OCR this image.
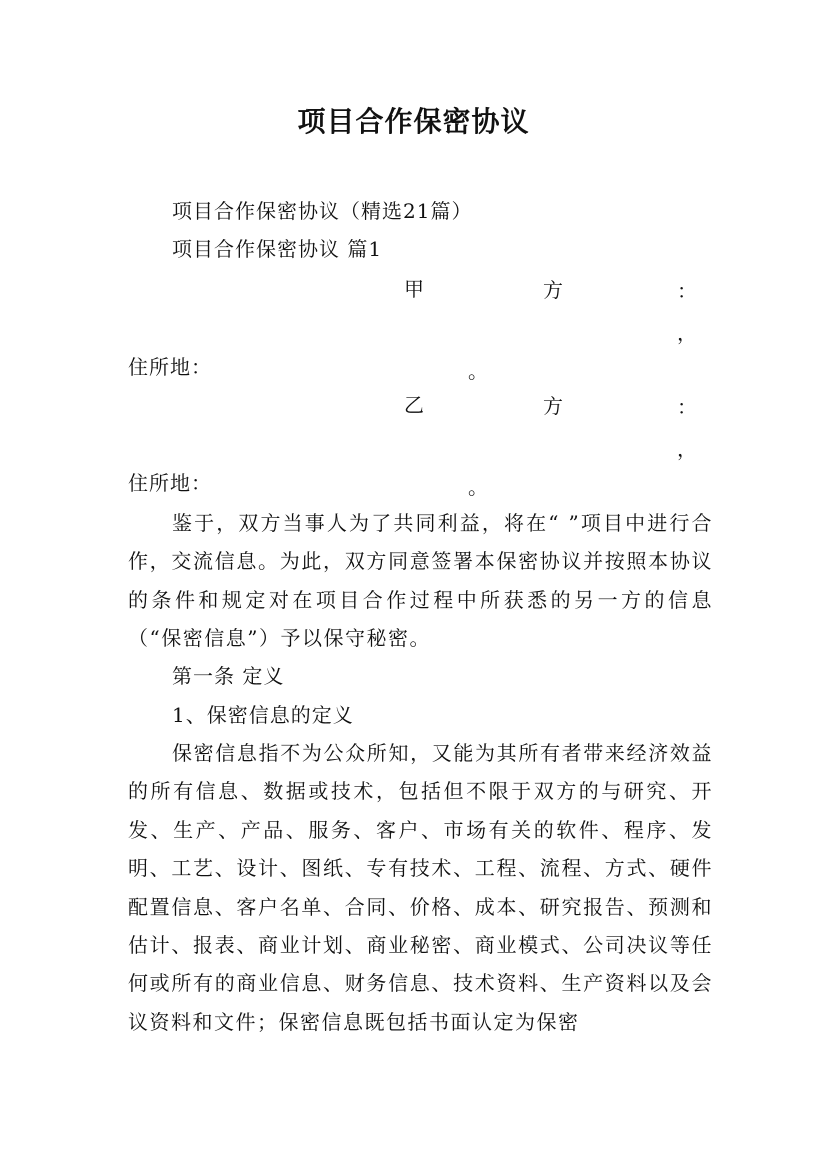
项目合作保密协议
项目合作保密协议（精选21篇）
项目合作保密协议 篇1
甲	方	：
，
住所地：	。
乙	方	：
，
住所地：	。
鉴于，双方当事人为了共同利益，将在“ ”项目中进行合作，交流信息。为此，双方同意签署本保密协议并按照本协议的条件和规定对在项目合作过程中所获悉的另一方的信息（“保密信息”）予以保守秘密。
第一条 定义
1、保密信息的定义
保密信息指不为公众所知，又能为其所有者带来经济效益的所有信息、数据或技术，包括但不限于双方的与研究、开发、生产、产品、服务、客户、市场有关的软件、程序、发明、工艺、设计、图纸、专有技术、工程、流程、方式、硬件配置信息、客户名单、合同、价格、成本、研究报告、预测和估计、报表、商业计划、商业秘密、商业模式、公司决议等任何或所有的商业信息、财务信息、技术资料、生产资料以及会议资料和文件；保密信息既包括书面认定为保密
